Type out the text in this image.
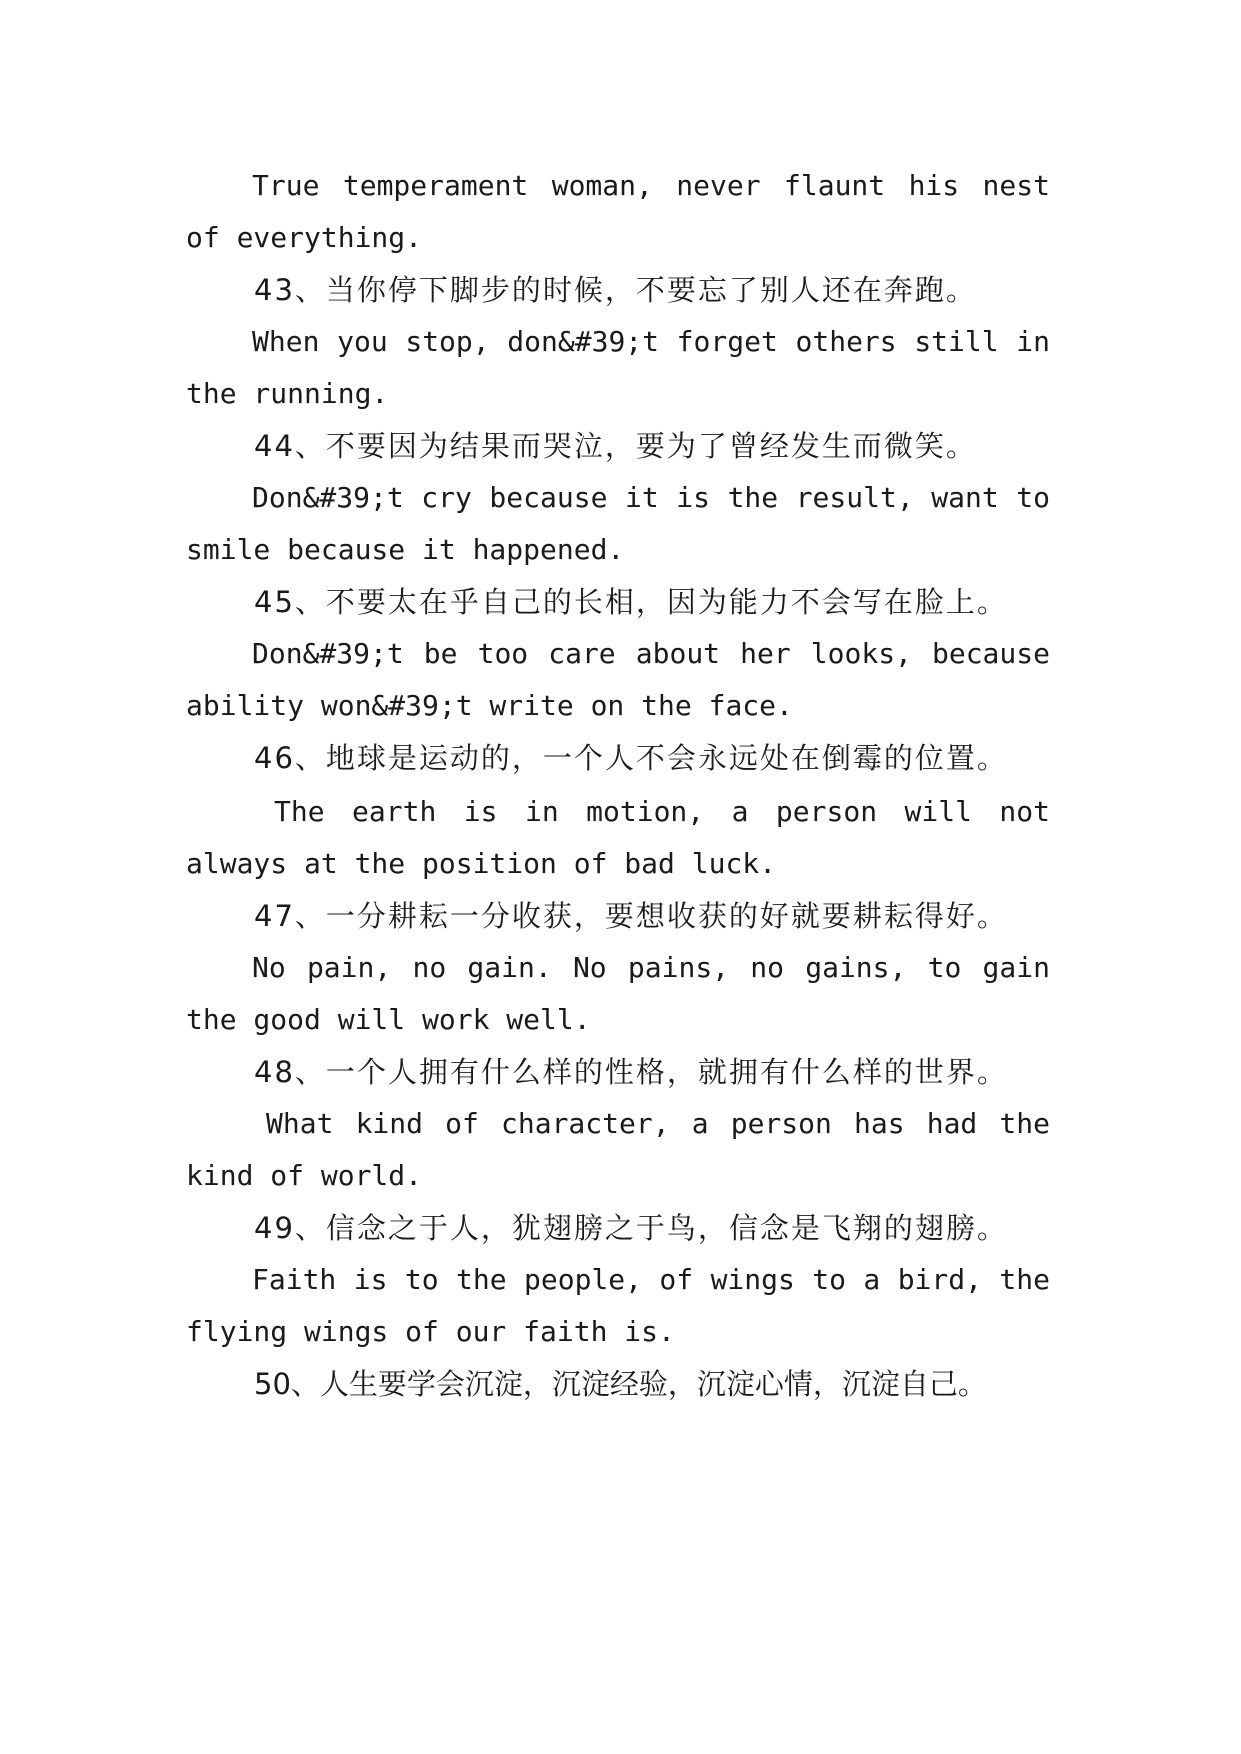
True temperament woman, never flaunt his nest
of everything.
43、当你停下脚步的时候，不要忘了别人还在奔跑。
When you stop, don&#39;t forget others still in
the running.
44、不要因为结果而哭泣，要为了曾经发生而微笑。
Don&#39;t cry because it is the result, want to
smile because it happened.
45、不要太在乎自己的长相，因为能力不会写在脸上。
Don&#39;t be too care about her looks, because
ability won&#39;t write on the face.
46、地球是运动的，一个人不会永远处在倒霉的位置。
The earth is in motion, a person will not
always at the position of bad luck.
47、一分耕耘一分收获，要想收获的好就要耕耘得好。
No pain, no gain. No pains, no gains, to gain
the good will work well.
48、一个人拥有什么样的性格，就拥有什么样的世界。
What kind of character, a person has had the
kind of world.
49、信念之于人，犹翅膀之于鸟，信念是飞翔的翅膀。
Faith is to the people, of wings to a bird, the
flying wings of our faith is.
50、人生要学会沉淀，沉淀经验，沉淀心情，沉淀自己。
